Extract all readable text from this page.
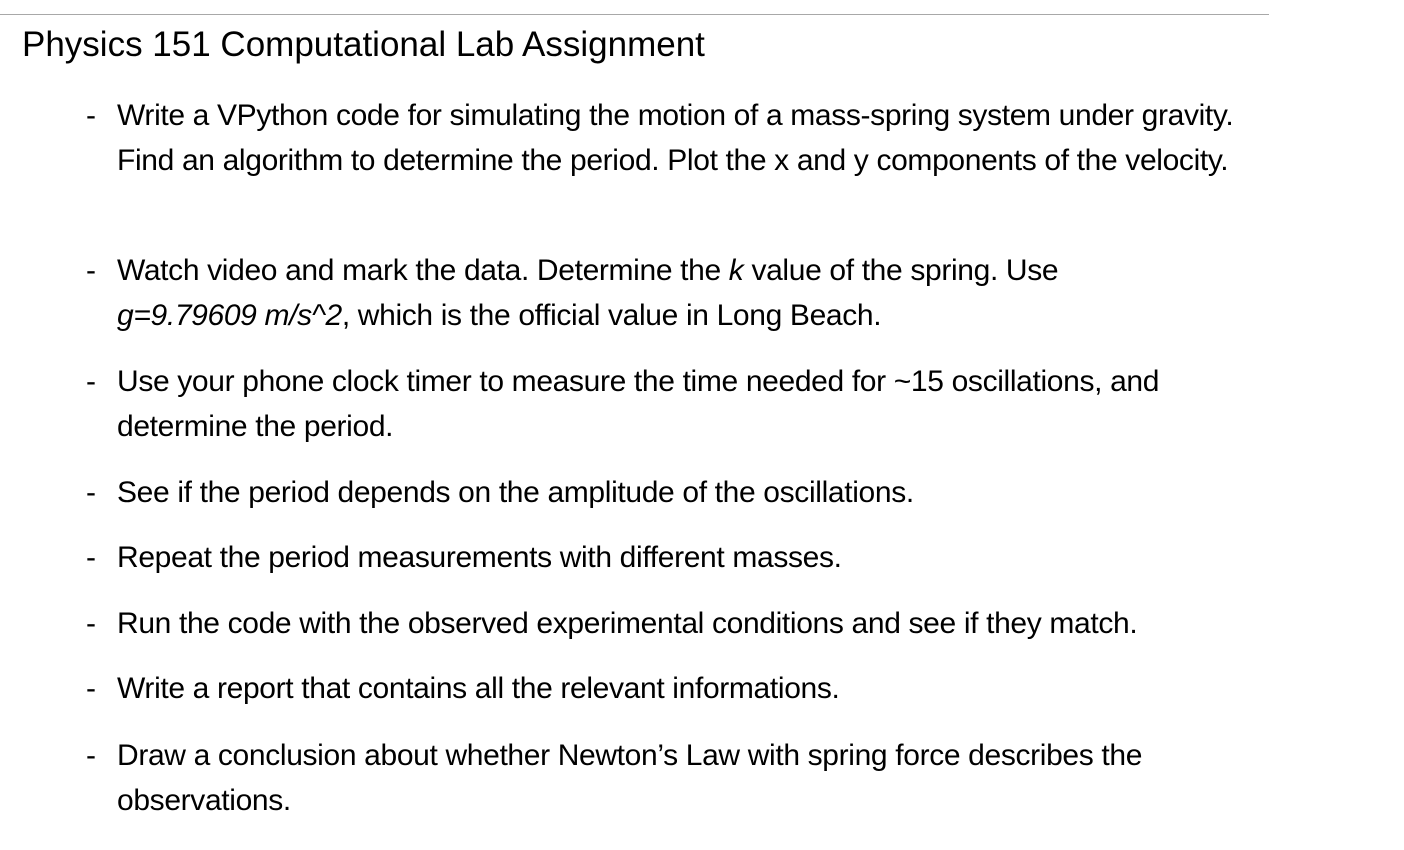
Physics 151 Computational Lab Assignment
- Write a VPython code for simulating the motion of a mass-spring system under gravity. Find an algorithm to determine the period. Plot the x and y components of the velocity.

- Watch video and mark the data. Determine the k value of the spring. Use
g=9.79609 m/s^2, which is the official value in Long Beach.

- Use your phone clock timer to measure the time needed for ~15 oscillations, and determine the period.

- See if the period depends on the amplitude of the oscillations.

- Repeat the period measurements with different masses.

- Run the code with the observed experimental conditions and see if they match.

- Write a report that contains all the relevant informations.

- Draw a conclusion about whether Newton’s Law with spring force describes the observations.
